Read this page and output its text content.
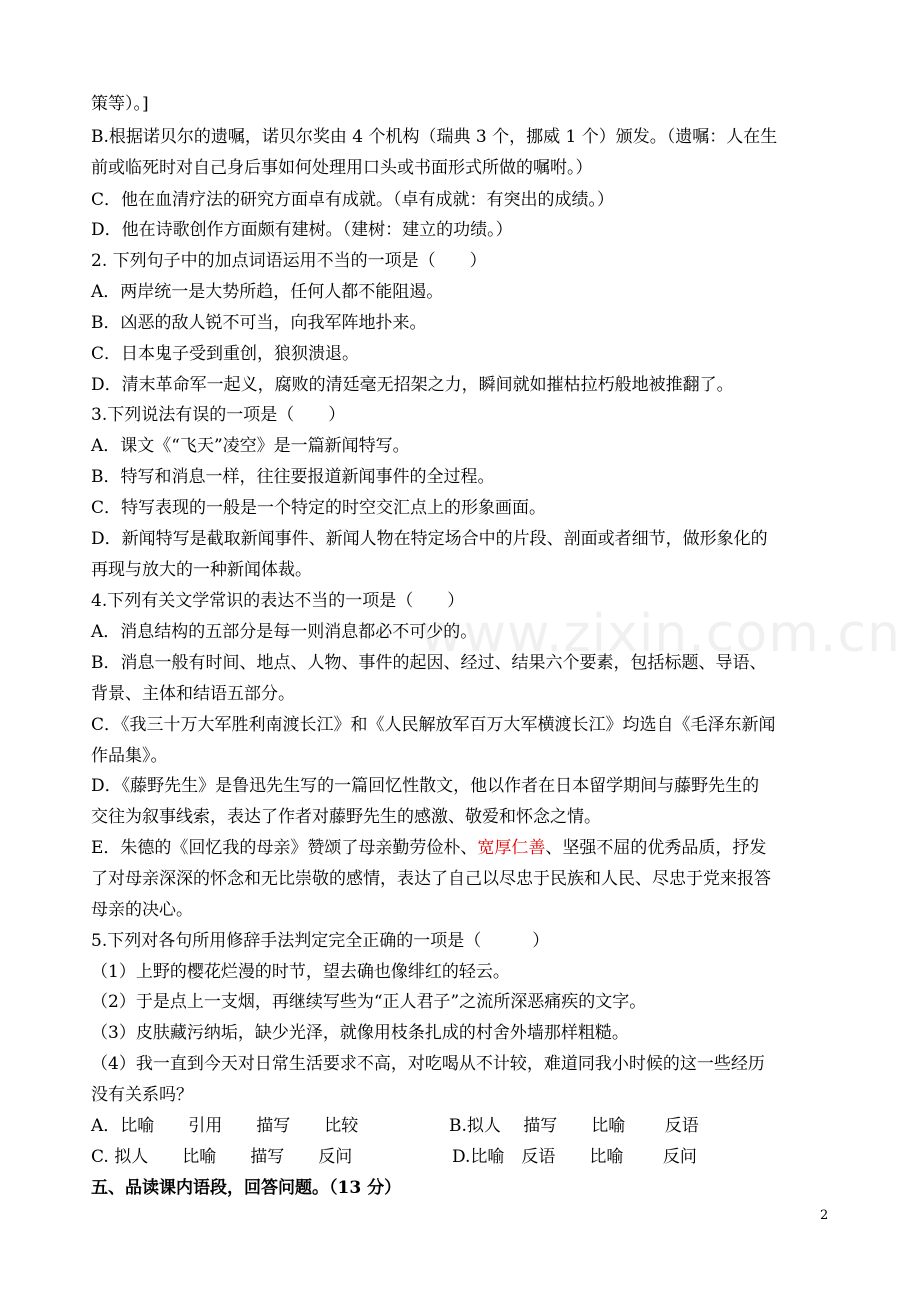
www.zixin.com.cn
策等）。]
B.根据诺贝尔的遗嘱，诺贝尔奖由 4 个机构（瑞典 3 个，挪威 1 个）颁发。（遗嘱：人在生
前或临死时对自己身后事如何处理用口头或书面形式所做的嘱咐。）
C．他在血清疗法的研究方面卓有成就。（卓有成就：有突出的成绩。）
D．他在诗歌创作方面颇有建树。（建树：建立的功绩。）
2. 下列句子中的加点词语运用不当的一项是（　　）
A．两岸统一是大势所趋，任何人都不能阻遏。
B．凶恶的敌人锐不可当，向我军阵地扑来。
C．日本鬼子受到重创，狼狈溃退。
D．清末革命军一起义，腐败的清廷毫无招架之力，瞬间就如摧枯拉朽般地被推翻了。
3.下列说法有误的一项是（　　）
A．课文《“飞天”凌空》是一篇新闻特写。
B．特写和消息一样，往往要报道新闻事件的全过程。
C．特写表现的一般是一个特定的时空交汇点上的形象画面。
D．新闻特写是截取新闻事件、新闻人物在特定场合中的片段、剖面或者细节，做形象化的
再现与放大的一种新闻体裁。
4.下列有关文学常识的表达不当的一项是（　　）
A．消息结构的五部分是每一则消息都必不可少的。
B．消息一般有时间、地点、人物、事件的起因、经过、结果六个要素，包括标题、导语、
背景、主体和结语五部分。
C．《我三十万大军胜利南渡长江》和《人民解放军百万大军横渡长江》均选自《毛泽东新闻
作品集》。
D．《藤野先生》是鲁迅先生写的一篇回忆性散文，他以作者在日本留学期间与藤野先生的
交往为叙事线索，表达了作者对藤野先生的感激、敬爱和怀念之情。
E．朱德的《回忆我的母亲》赞颂了母亲勤劳俭朴、宽厚仁善、坚强不屈的优秀品质，抒发
了对母亲深深的怀念和无比崇敬的感情，表达了自己以尽忠于民族和人民、尽忠于党来报答
母亲的决心。
5.下列对各句所用修辞手法判定完全正确的一项是（　　　）
（1）上野的樱花烂漫的时节，望去确也像绯红的轻云。
（2）于是点上一支烟，再继续写些为“正人君子”之流所深恶痛疾的文字。
（3）皮肤藏污纳垢，缺少光泽，就像用枝条扎成的村舍外墙那样粗糙。
（4）我一直到今天对日常生活要求不高，对吃喝从不计较，难道同我小时候的这一些经历
没有关系吗？
A．比喻　　引用　　描写　　比较	B.拟人　 描写　　比喻　　 反语
C. 拟人　　比喻　　描写　　反问	D.比喻　反语　　比喻　　 反问
五、品读课内语段，回答问题。（13 分）
2
